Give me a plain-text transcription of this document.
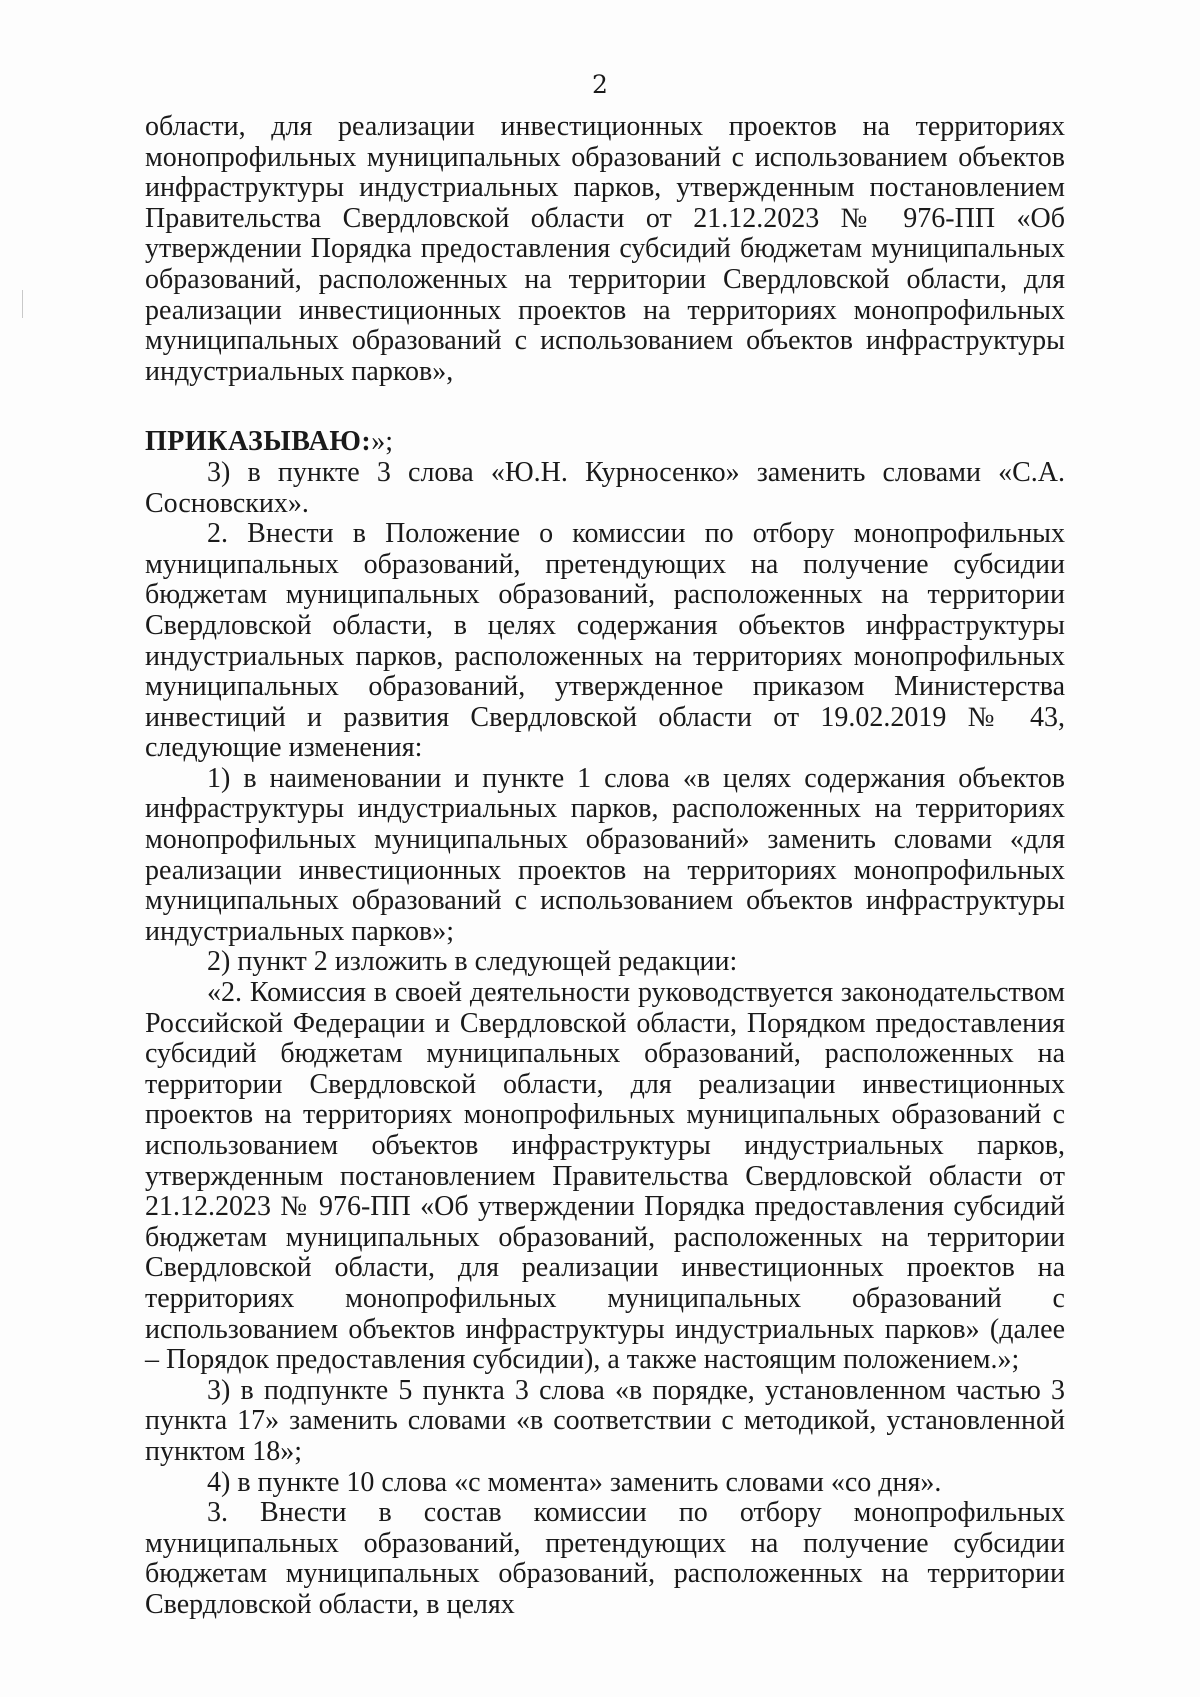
2

области, для реализации инвестиционных проектов на территориях монопрофильных муниципальных образований с использованием объектов инфраструктуры индустриальных парков, утвержденным постановлением Правительства Свердловской области от 21.12.2023 № 976-ПП «Об утверждении Порядка предоставления субсидий бюджетам муниципальных образований, расположенных на территории Свердловской области, для реализации инвестиционных проектов на территориях монопрофильных муниципальных образований с использованием объектов инфраструктуры индустриальных парков»,

ПРИКАЗЫВАЮ:»;

3) в пункте 3 слова «Ю.Н. Курносенко» заменить словами «С.А. Сосновских».

2. Внести в Положение о комиссии по отбору монопрофильных муниципальных образований, претендующих на получение субсидии бюджетам муниципальных образований, расположенных на территории Свердловской области, в целях содержания объектов инфраструктуры индустриальных парков, расположенных на территориях монопрофильных муниципальных образований, утвержденное приказом Министерства инвестиций и развития Свердловской области от 19.02.2019 № 43, следующие изменения:

1) в наименовании и пункте 1 слова «в целях содержания объектов инфраструктуры индустриальных парков, расположенных на территориях монопрофильных муниципальных образований» заменить словами «для реализации инвестиционных проектов на территориях монопрофильных муниципальных образований с использованием объектов инфраструктуры индустриальных парков»;

2) пункт 2 изложить в следующей редакции:

«2. Комиссия в своей деятельности руководствуется законодательством Российской Федерации и Свердловской области, Порядком предоставления субсидий бюджетам муниципальных образований, расположенных на территории Свердловской области, для реализации инвестиционных проектов на территориях монопрофильных муниципальных образований с использованием объектов инфраструктуры индустриальных парков, утвержденным постановлением Правительства Свердловской области от 21.12.2023 № 976-ПП «Об утверждении Порядка предоставления субсидий бюджетам муниципальных образований, расположенных на территории Свердловской области, для реализации инвестиционных проектов на территориях монопрофильных муниципальных образований с использованием объектов инфраструктуры индустриальных парков» (далее – Порядок предоставления субсидии), а также настоящим положением.»;

3) в подпункте 5 пункта 3 слова «в порядке, установленном частью 3 пункта 17» заменить словами «в соответствии с методикой, установленной пунктом 18»;

4) в пункте 10 слова «с момента» заменить словами «со дня».

3. Внести в состав комиссии по отбору монопрофильных муниципальных образований, претендующих на получение субсидии бюджетам муниципальных образований, расположенных на территории Свердловской области, в целях
